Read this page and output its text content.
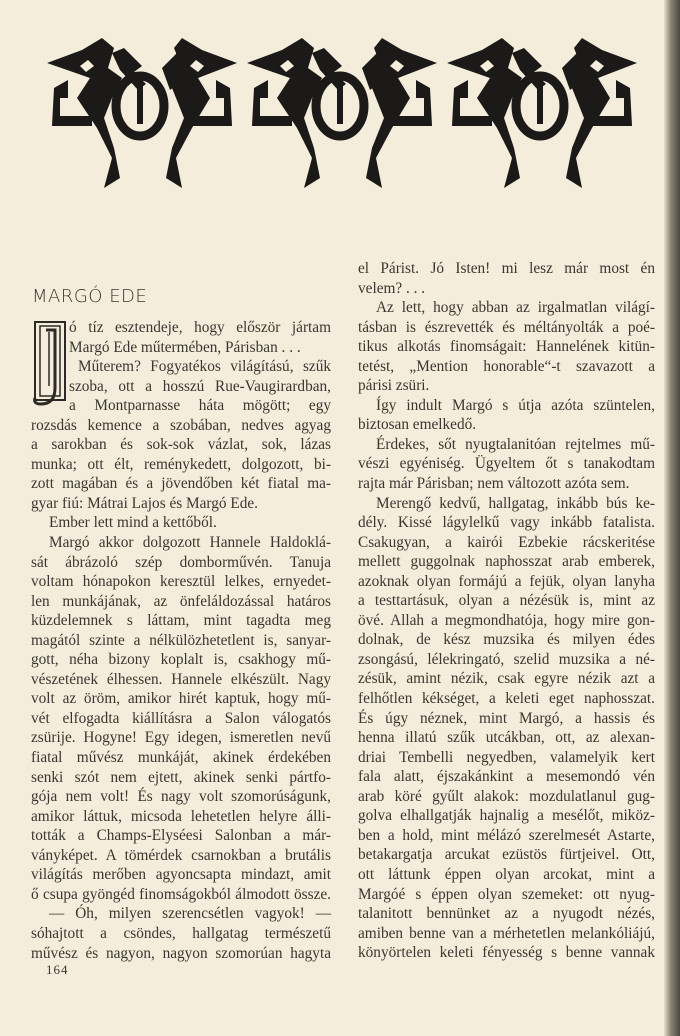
MARGÓ EDE
ó tíz esztendeje, hogy először jártam
Margó Ede műtermében, Párisban . . .
Műterem? Fogyatékos világítású, szűk
szoba, ott a hosszú Rue-Vaugirardban,
a Montparnasse háta mögött; egy
rozsdás kemence a szobában, nedves agyag
a sarokban és sok-sok vázlat, sok, lázas
munka; ott élt, reménykedett, dolgozott, bi-
zott magában és a jövendőben két fiatal ma-
gyar fiú: Mátrai Lajos és Margó Ede.
Ember lett mind a kettőből.
Margó akkor dolgozott Hannele Haldoklá-
sát ábrázoló szép domborművén. Tanuja
voltam hónapokon keresztül lelkes, ernyedet-
len munkájának, az önfeláldozással határos
küzdelemnek s láttam, mint tagadta meg
magától szinte a nélkülözhetetlent is, sanyar-
gott, néha bizony koplalt is, csakhogy mű-
vészetének élhessen. Hannele elkészült. Nagy
volt az öröm, amikor hirét kaptuk, hogy mű-
vét elfogadta kiállításra a Salon válogatós
zsürije. Hogyne! Egy idegen, ismeretlen nevű
fiatal művész munkáját, akinek érdekében
senki szót nem ejtett, akinek senki pártfo-
gója nem volt! És nagy volt szomorúságunk,
amikor láttuk, micsoda lehetetlen helyre álli-
tották a Champs-Elyséesi Salonban a már-
ványképet. A tömérdek csarnokban a brutális
világítás merőben agyoncsapta mindazt, amit
ő csupa gyöngéd finomságokból álmodott össze.
— Óh, milyen szerencsétlen vagyok! —
sóhajtott a csöndes, hallgatag természetű
művész és nagyon, nagyon szomorúan hagyta
el Párist. Jó Isten! mi lesz már most én
velem? . . .
Az lett, hogy abban az irgalmatlan világí-
tásban is észrevették és méltányolták a poé-
tikus alkotás finomságait: Hannelének kitün-
tetést, „Mention honorable“-t szavazott a
párisi zsüri.
Így indult Margó s útja azóta szüntelen,
biztosan emelkedő.
Érdekes, sőt nyugtalanitóan rejtelmes mű-
vészi egyéniség. Ügyeltem őt s tanakodtam
rajta már Párisban; nem változott azóta sem.
Merengő kedvű, hallgatag, inkább bús ke-
dély. Kissé lágylelkű vagy inkább fatalista.
Csakugyan, a kairói Ezbekie rácskeritése
mellett guggolnak naphosszat arab emberek,
azoknak olyan formájú a fejük, olyan lanyha
a testtartásuk, olyan a nézésük is, mint az
övé. Allah a megmondhatója, hogy mire gon-
dolnak, de kész muzsika és milyen édes
zsongású, lélekringató, szelid muzsika a né-
zésük, amint nézik, csak egyre nézik azt a
felhőtlen kékséget, a keleti eget naphosszat.
És úgy néznek, mint Margó, a hassis és
henna illatú szűk utcákban, ott, az alexan-
driai Tembelli negyedben, valamelyik kert
fala alatt, éjszakánkint a mesemondó vén
arab köré gyűlt alakok: mozdulatlanul gug-
golva elhallgatják hajnalig a mesélőt, miköz-
ben a hold, mint mélázó szerelmesét Astarte,
betakargatja arcukat ezüstös fürtjeivel. Ott,
ott láttunk éppen olyan arcokat, mint a
Margóé s éppen olyan szemeket: ott nyug-
talanitott bennünket az a nyugodt nézés,
amiben benne van a mérhetetlen melankóliájú,
könyörtelen keleti fényesség s benne vannak
164
